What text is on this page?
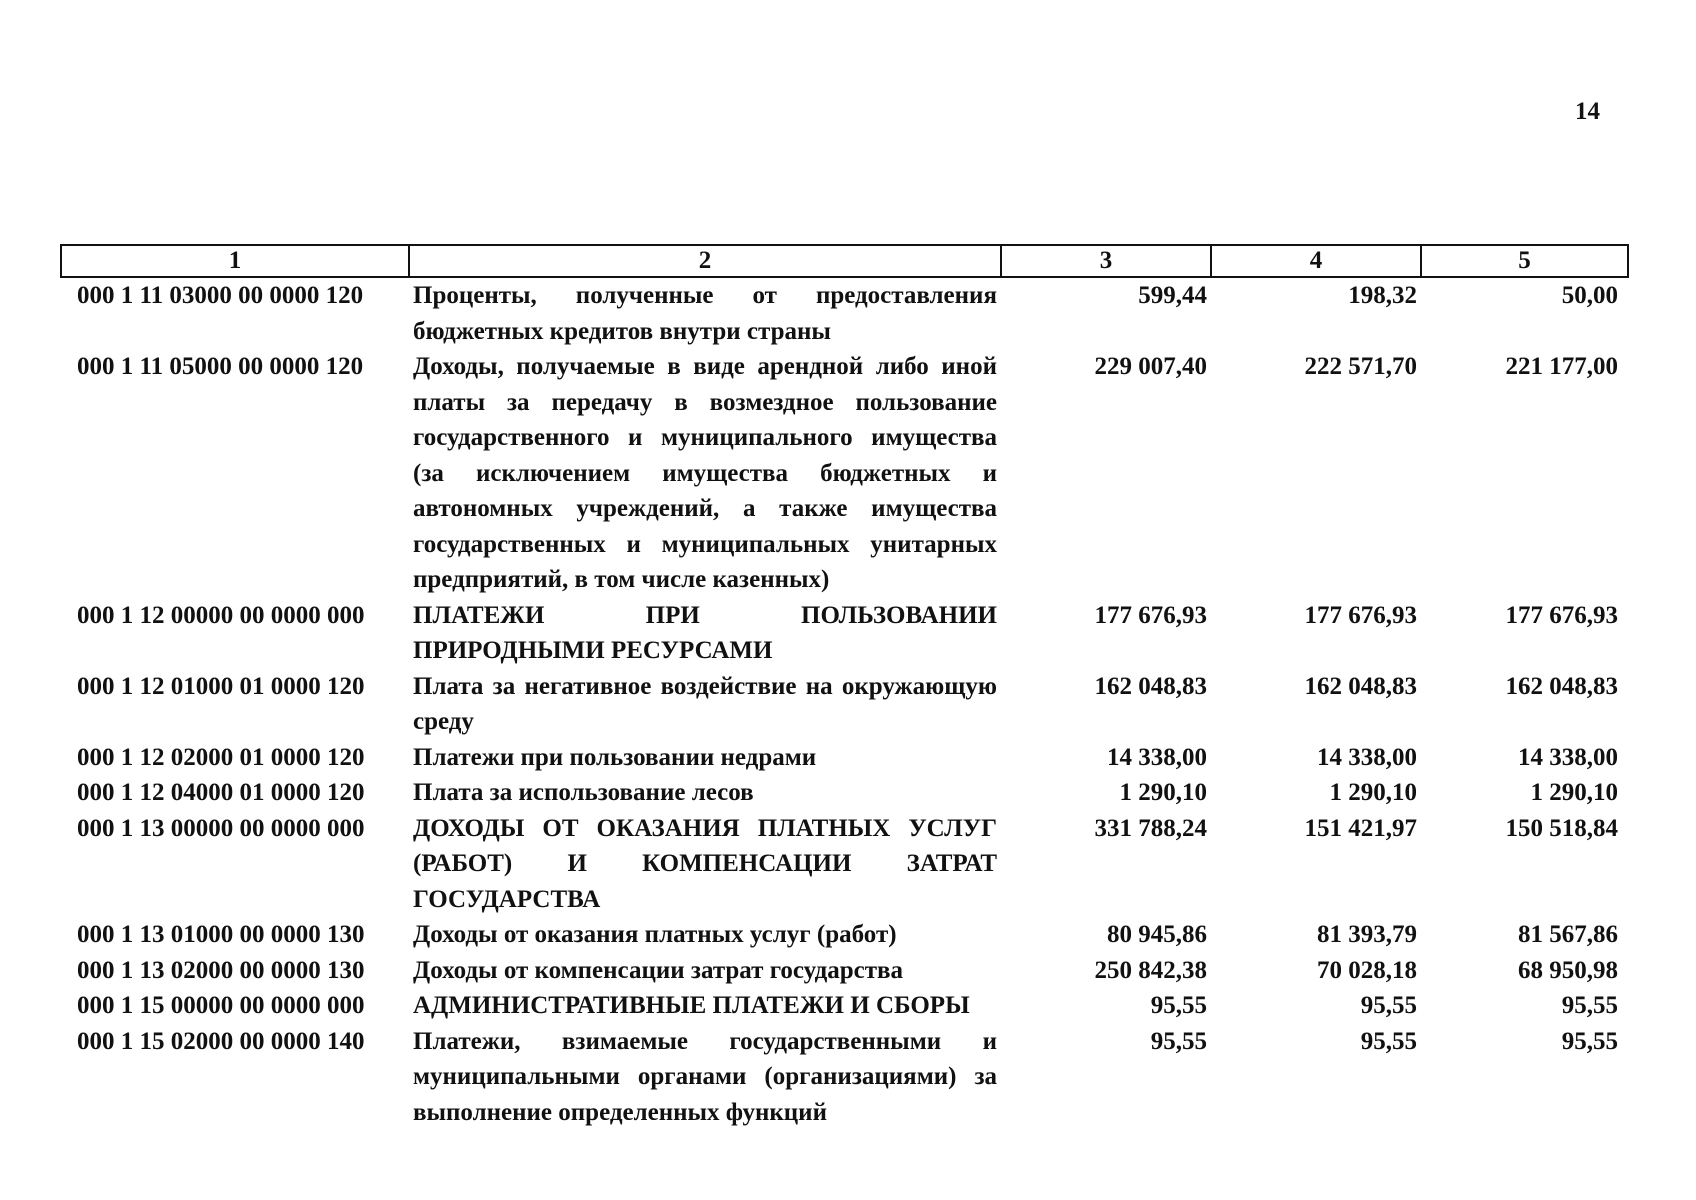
14
1	2	3	4	5
000 1 11 03000 00 0000 120	Проценты, полученные от предоставления бюджетных кредитов внутри страны	599,44	198,32	50,00
000 1 11 05000 00 0000 120	Доходы, получаемые в виде арендной либо иной платы за передачу в возмездное пользование государственного и муниципального имущества (за исключением имущества бюджетных и автономных учреждений, а также имущества государственных и муниципальных унитарных предприятий, в том числе казенных)	229 007,40	222 571,70	221 177,00
000 1 12 00000 00 0000 000	ПЛАТЕЖИ ПРИ ПОЛЬЗОВАНИИ ПРИРОДНЫМИ РЕСУРСАМИ	177 676,93	177 676,93	177 676,93
000 1 12 01000 01 0000 120	Плата за негативное воздействие на окружающую среду	162 048,83	162 048,83	162 048,83
000 1 12 02000 01 0000 120	Платежи при пользовании недрами	14 338,00	14 338,00	14 338,00
000 1 12 04000 01 0000 120	Плата за использование лесов	1 290,10	1 290,10	1 290,10
000 1 13 00000 00 0000 000	ДОХОДЫ ОТ ОКАЗАНИЯ ПЛАТНЫХ УСЛУГ (РАБОТ) И КОМПЕНСАЦИИ ЗАТРАТ ГОСУДАРСТВА	331 788,24	151 421,97	150 518,84
000 1 13 01000 00 0000 130	Доходы от оказания платных услуг (работ)	80 945,86	81 393,79	81 567,86
000 1 13 02000 00 0000 130	Доходы от компенсации затрат государства	250 842,38	70 028,18	68 950,98
000 1 15 00000 00 0000 000	АДМИНИСТРАТИВНЫЕ ПЛАТЕЖИ И СБОРЫ	95,55	95,55	95,55
000 1 15 02000 00 0000 140	Платежи, взимаемые государственными и муниципальными органами (организациями) за выполнение определенных функций	95,55	95,55	95,55
